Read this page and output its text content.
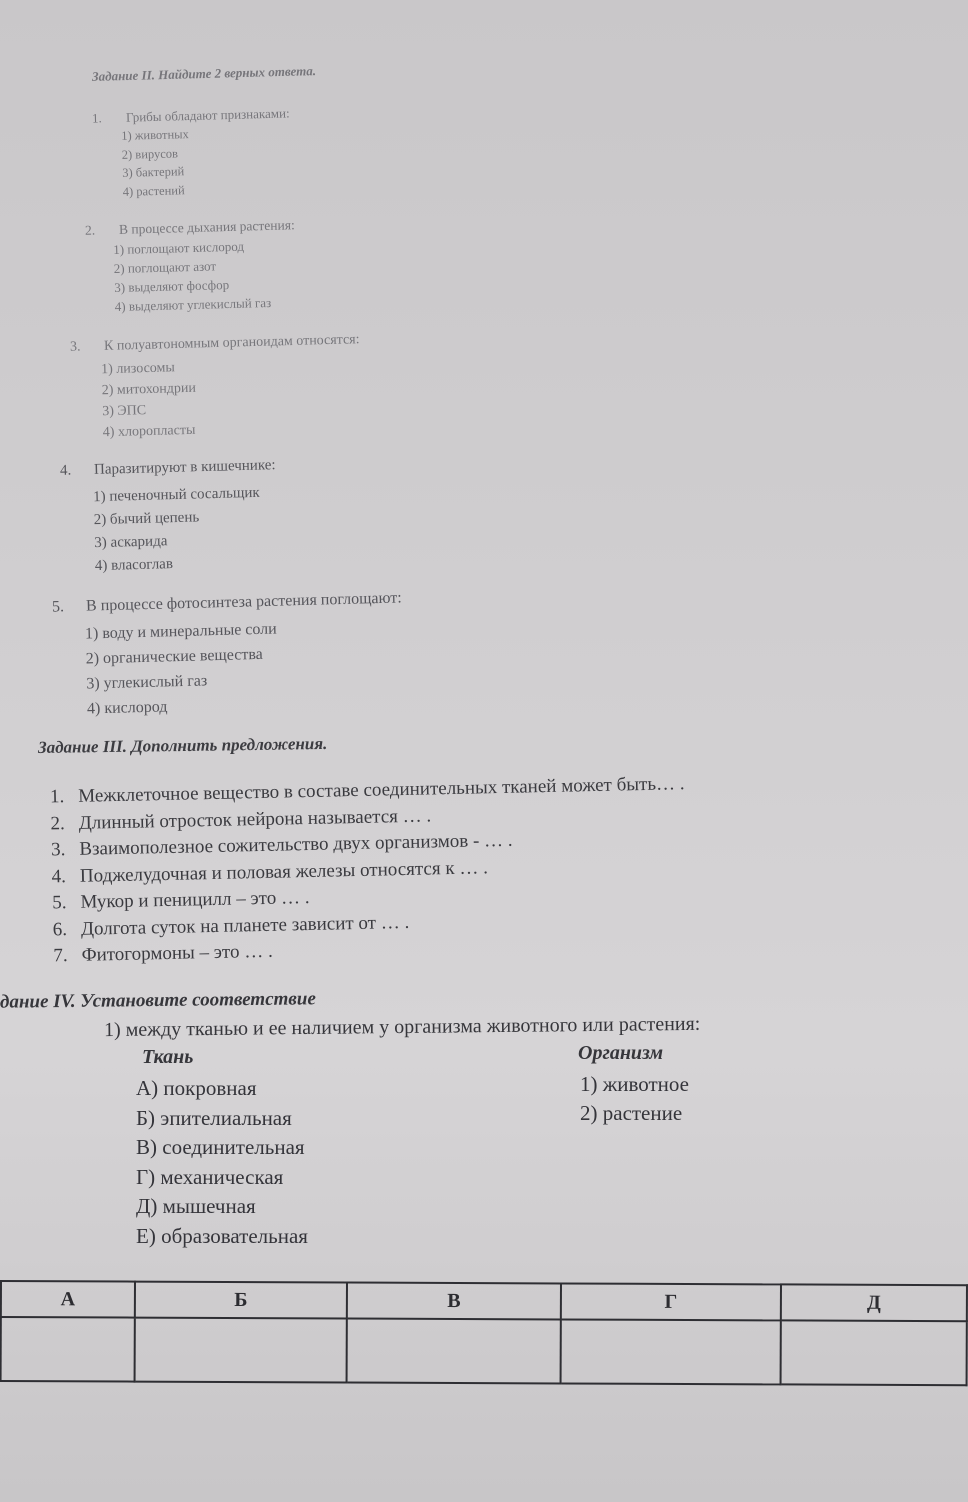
Задание II. Найдите 2 верных ответа.
1. Грибы обладают признаками:
1) животных
2) вирусов
3) бактерий
4) растений
2. В процессе дыхания растения:
1) поглощают кислород
2) поглощают азот
3) выделяют фосфор
4) выделяют углекислый газ
3. К полуавтономным органоидам относятся:
1) лизосомы
2) митохондрии
3) ЭПС
4) хлоропласты
4. Паразитируют в кишечнике:
1) печеночный сосальщик
2) бычий цепень
3) аскарида
4) власоглав
5. В процессе фотосинтеза растения поглощают:
1) воду и минеральные соли
2) органические вещества
3) углекислый газ
4) кислород
Задание III. Дополнить предложения.
1. Межклеточное вещество в составе соединительных тканей может быть… .
2. Длинный отросток нейрона называется … .
3. Взаимополезное сожительство двух организмов - … .
4. Поджелудочная и половая железы относятся к … .
5. Мукор и пеницилл – это … .
6. Долгота суток на планете зависит от … .
7. Фитогормоны – это … .
дание IV. Установите соответствие
1) между тканью и ее наличием у организма животного или растения:
Ткань	Организм
А) покровная
Б) эпителиальная
В) соединительная
Г) механическая
Д) мышечная
Е) образовательная
1) животное
2) растение
А	Б	В	Г	Д
